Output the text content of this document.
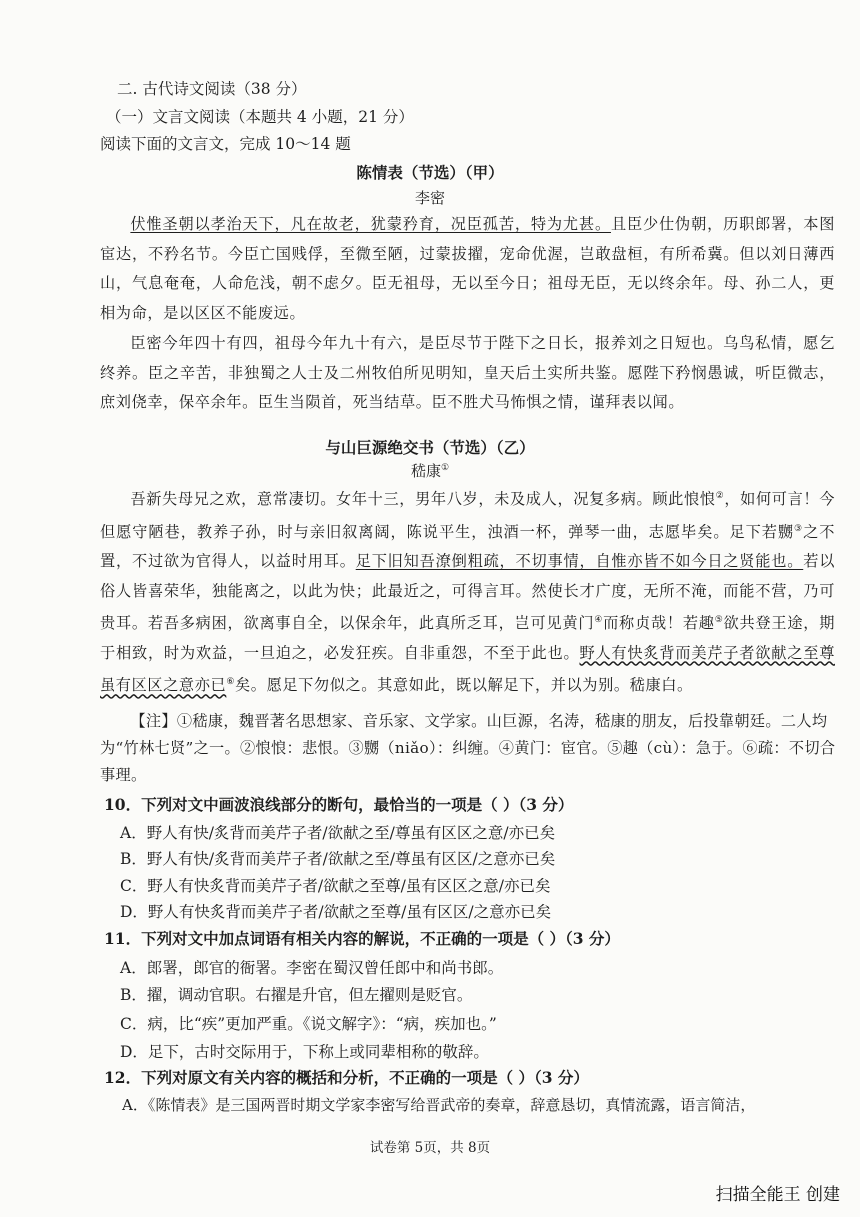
二. 古代诗文阅读（38 分）
（一）文言文阅读（本题共 4 小题，21 分）
阅读下面的文言文，完成 10～14 题
陈情表（节选）（甲）
李密
伏惟圣朝以孝治天下，凡在故老，犹蒙矜育，况臣孤苦，特为尤甚。且臣少仕伪朝，历职郎署，本图宦达，不矜名节。今臣亡国贱俘，至微至陋，过蒙拔擢，宠命优渥，岂敢盘桓，有所希冀。但以刘日薄西山，气息奄奄，人命危浅，朝不虑夕。臣无祖母，无以至今日；祖母无臣，无以终余年。母、孙二人，更相为命，是以区区不能废远。
臣密今年四十有四，祖母今年九十有六，是臣尽节于陛下之日长，报养刘之日短也。乌鸟私情，愿乞终养。臣之辛苦，非独蜀之人士及二州牧伯所见明知，皇天后土实所共鉴。愿陛下矜悯愚诚，听臣微志，庶刘侥幸，保卒余年。臣生当陨首，死当结草。臣不胜犬马怖惧之情，谨拜表以闻。
与山巨源绝交书（节选）（乙）
嵇康①
吾新失母兄之欢，意常凄切。女年十三，男年八岁，未及成人，况复多病。顾此悢悢②，如何可言！今但愿守陋巷，教养子孙，时与亲旧叙离阔，陈说平生，浊酒一杯，弹琴一曲，志愿毕矣。足下若嬲③之不置，不过欲为官得人，以益时用耳。足下旧知吾潦倒粗疏，不切事情，自惟亦皆不如今日之贤能也。若以俗人皆喜荣华，独能离之，以此为快；此最近之，可得言耳。然使长才广度，无所不淹，而能不营，乃可贵耳。若吾多病困，欲离事自全，以保余年，此真所乏耳，岂可见黄门④而称贞哉！若趣⑤欲共登王途，期于相致，时为欢益，一旦迫之，必发狂疾。自非重怨，不至于此也。野人有快炙背而美芹子者欲献之至尊虽有区区之意亦已⑥矣。愿足下勿似之。其意如此，既以解足下，并以为别。嵇康白。
【注】①嵇康，魏晋著名思想家、音乐家、文学家。山巨源，名涛，嵇康的朋友，后投靠朝廷。二人均为“竹林七贤”之一。②悢悢：悲恨。③嬲（niǎo）：纠缠。④黄门：宦官。⑤趣（cù）：急于。⑥疏：不切合事理。
10．下列对文中画波浪线部分的断句，最恰当的一项是（ ）（3 分）
A．野人有快/炙背而美芹子者/欲献之至/尊虽有区区之意/亦已矣
B．野人有快/炙背而美芹子者/欲献之至/尊虽有区区/之意亦已矣
C．野人有快炙背而美芹子者/欲献之至尊/虽有区区之意/亦已矣
D．野人有快炙背而美芹子者/欲献之至尊/虽有区区/之意亦已矣
11．下列对文中加点词语有相关内容的解说，不正确的一项是（ ）（3 分）
A．郎署，郎官的衙署。李密在蜀汉曾任郎中和尚书郎。
B．擢，调动官职。右擢是升官，但左擢则是贬官。
C．病，比“疾”更加严重。《说文解字》：“病，疾加也。”
D．足下，古时交际用于，下称上或同辈相称的敬辞。
12．下列对原文有关内容的概括和分析，不正确的一项是（ ）（3 分）
A．《陈情表》是三国两晋时期文学家李密写给晋武帝的奏章，辞意恳切，真情流露，语言简洁，
试卷第 5页，共 8页
扫描全能王 创建
